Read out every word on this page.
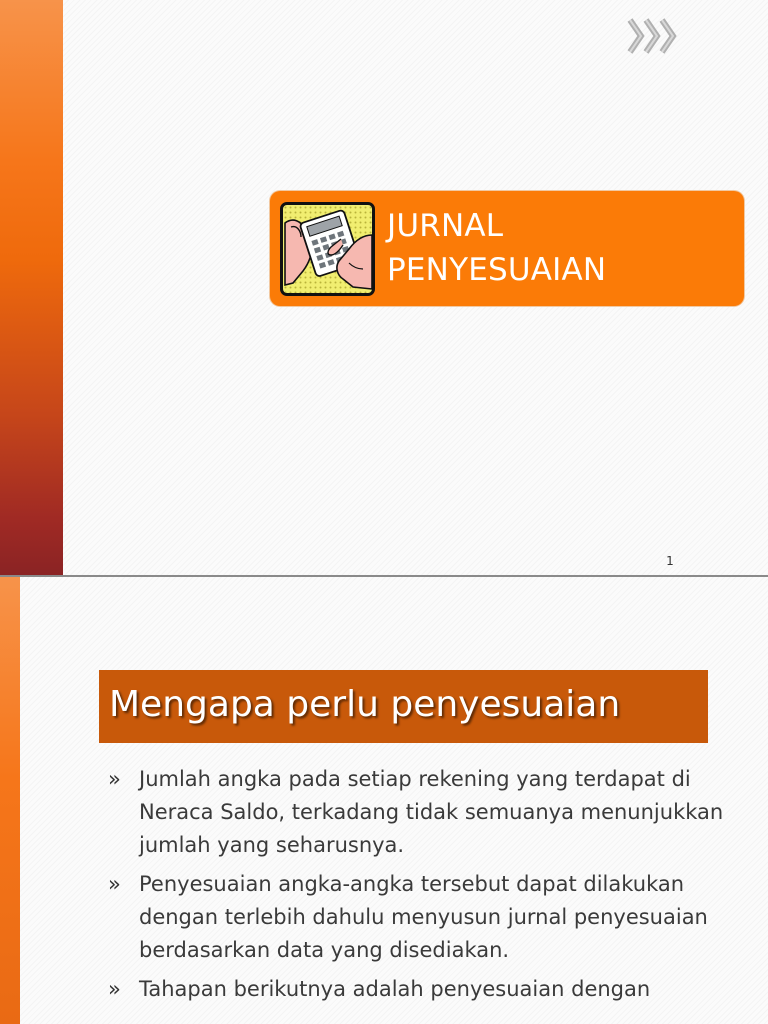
JURNAL
PENYESUAIAN
1
Mengapa perlu penyesuaian
» Jumlah angka pada setiap rekening yang terdapat di Neraca Saldo, terkadang tidak semuanya menunjukkan jumlah yang seharusnya.
» Penyesuaian angka-angka tersebut dapat dilakukan dengan terlebih dahulu menyusun jurnal penyesuaian berdasarkan data yang disediakan.
» Tahapan berikutnya adalah penyesuaian dengan
